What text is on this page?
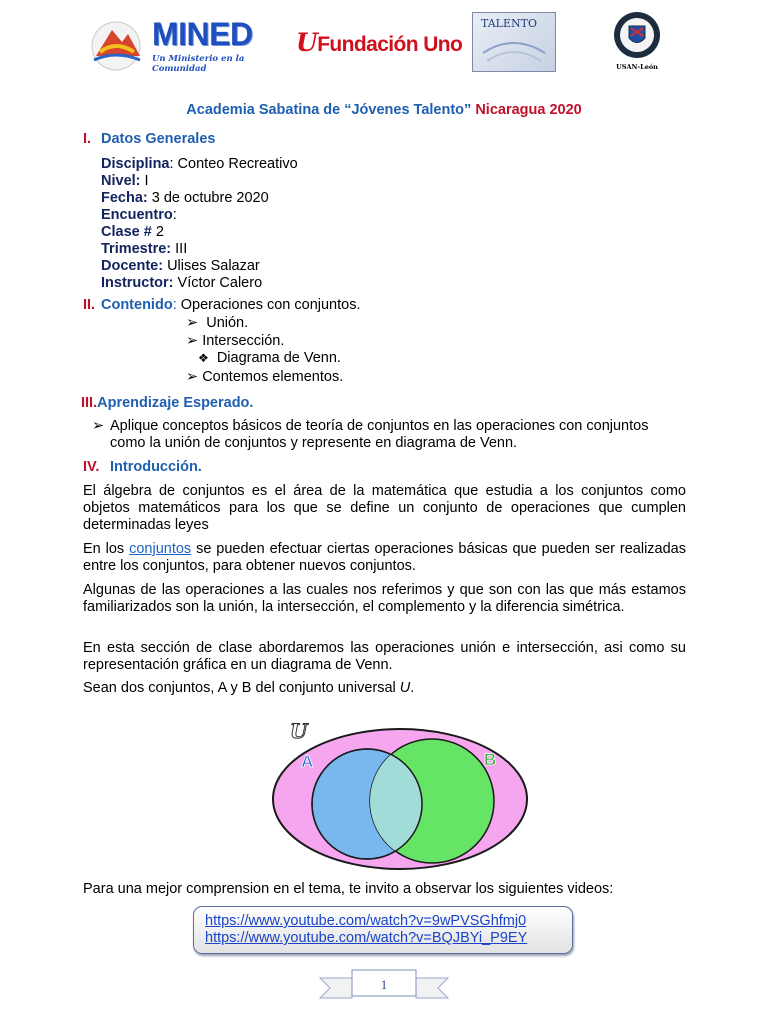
MINED
Un Ministerio en la Comunidad
UFundación Uno
TALENTO
USAN-León
Academia Sabatina de “Jóvenes Talento” Nicaragua 2020
I. Datos Generales
Disciplina: Conteo Recreativo
Nivel: I
Fecha: 3 de octubre 2020
Encuentro:
Clase # 2
Trimestre: III
Docente: Ulises Salazar
Instructor: Víctor Calero
II. Contenido: Operaciones con conjuntos.
➢ Unión.
➢ Intersección.
❖ Diagrama de Venn.
➢ Contemos elementos.
III.Aprendizaje Esperado.
➢ Aplique conceptos básicos de teoría de conjuntos en las operaciones con conjuntos
como la unión de conjuntos y represente en diagrama de Venn.
IV. Introducción.
El álgebra de conjuntos es el área de la matemática que estudia a los conjuntos como objetos matemáticos para los que se define un conjunto de operaciones que cumplen determinadas leyes
En los conjuntos se pueden efectuar ciertas operaciones básicas que pueden ser realizadas entre los conjuntos, para obtener nuevos conjuntos.
Algunas de las operaciones a las cuales nos referimos y que son con las que más estamos familiarizados son la unión, la intersección, el complemento y la diferencia simétrica.
En esta sección de clase abordaremos las operaciones unión e intersección, asi como su representación gráfica en un diagrama de Venn.
Sean dos conjuntos, A y B del conjunto universal U.
U
A	B
Para una mejor comprension en el tema, te invito a observar los siguientes videos:
https://www.youtube.com/watch?v=9wPVSGhfmj0
https://www.youtube.com/watch?v=BQJBYi_P9EY
1
